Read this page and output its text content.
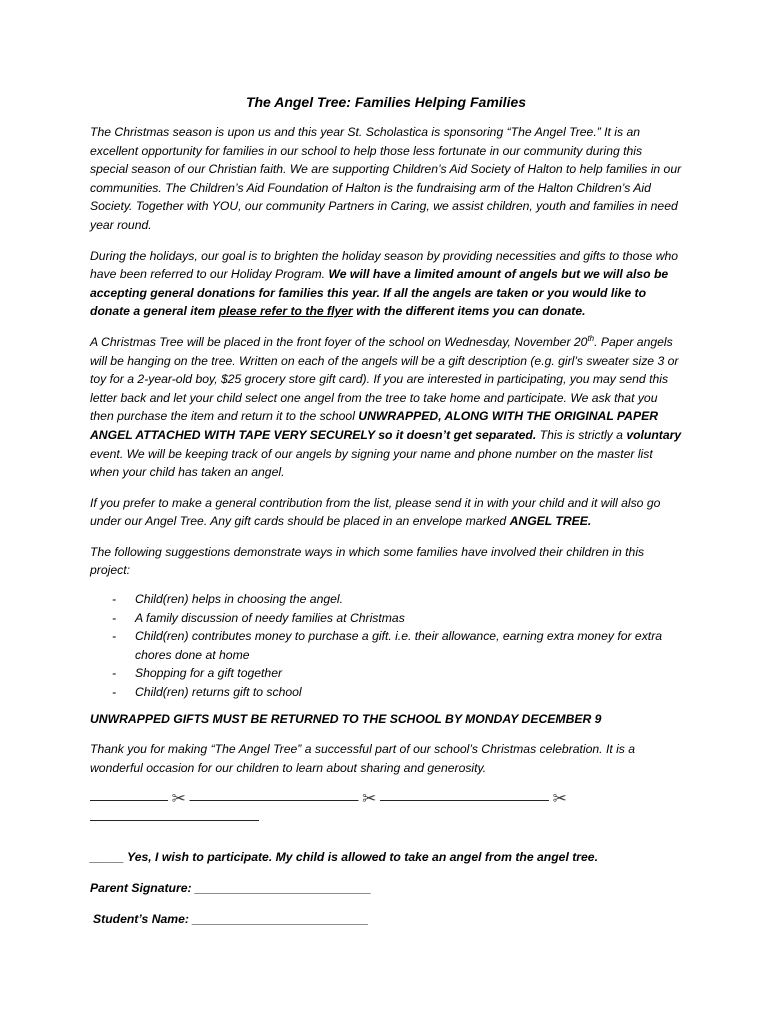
The Angel Tree: Families Helping Families

The Christmas season is upon us and this year St. Scholastica is sponsoring “The Angel Tree.” It is an excellent opportunity for families in our school to help those less fortunate in our community during this special season of our Christian faith. We are supporting Children’s Aid Society of Halton to help families in our communities. The Children’s Aid Foundation of Halton is the fundraising arm of the Halton Children’s Aid Society. Together with YOU, our community Partners in Caring, we assist children, youth and families in need year round.

During the holidays, our goal is to brighten the holiday season by providing necessities and gifts to those who have been referred to our Holiday Program. We will have a limited amount of angels but we will also be accepting general donations for families this year. If all the angels are taken or you would like to donate a general item please refer to the flyer with the different items you can donate.

A Christmas Tree will be placed in the front foyer of the school on Wednesday, November 20th. Paper angels will be hanging on the tree. Written on each of the angels will be a gift description (e.g. girl’s sweater size 3 or toy for a 2-year-old boy, $25 grocery store gift card). If you are interested in participating, you may send this letter back and let your child select one angel from the tree to take home and participate. We ask that you then purchase the item and return it to the school UNWRAPPED, ALONG WITH THE ORIGINAL PAPER ANGEL ATTACHED WITH TAPE VERY SECURELY so it doesn’t get separated. This is strictly a voluntary event. We will be keeping track of our angels by signing your name and phone number on the master list when your child has taken an angel.

If you prefer to make a general contribution from the list, please send it in with your child and it will also go under our Angel Tree. Any gift cards should be placed in an envelope marked ANGEL TREE.

The following suggestions demonstrate ways in which some families have involved their children in this project:

- Child(ren) helps in choosing the angel.
- A family discussion of needy families at Christmas
- Child(ren) contributes money to purchase a gift. i.e. their allowance, earning extra money for extra chores done at home
- Shopping for a gift together
- Child(ren) returns gift to school
UNWRAPPED GIFTS MUST BE RETURNED TO THE SCHOOL BY MONDAY DECEMBER 9

Thank you for making “The Angel Tree” a successful part of our school’s Christmas celebration. It is a wonderful occasion for our children to learn about sharing and generosity.

—————— ✂ ————————————— ✂ ————————————— ✂ —————————————
_____ Yes, I wish to participate. My child is allowed to take an angel from the angel tree.
Parent Signature: __________________________
Student’s Name: __________________________
